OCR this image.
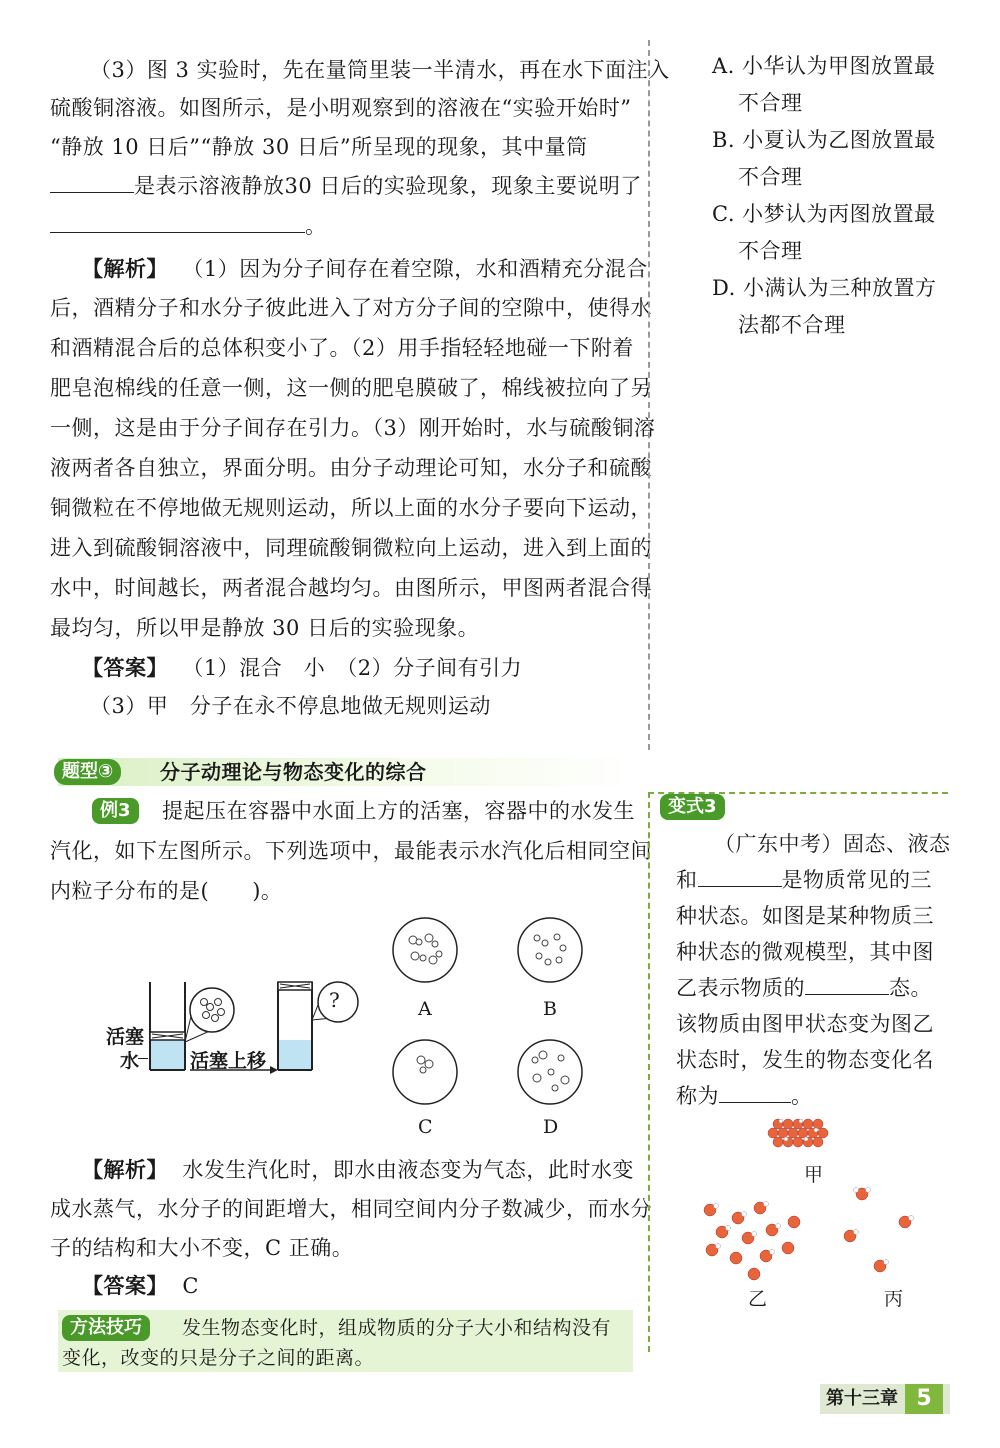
（3）图 3 实验时，先在量筒里装一半清水，再在水下面注入
硫酸铜溶液。如图所示，是小明观察到的溶液在“实验开始时”
“静放 10 日后”“静放 30 日后”所呈现的现象，其中量筒
是表示溶液静放30 日后的实验现象，现象主要说明了
。
【解析】 （1）因为分子间存在着空隙，水和酒精充分混合
后，酒精分子和水分子彼此进入了对方分子间的空隙中，使得水
和酒精混合后的总体积变小了。（2）用手指轻轻地碰一下附着
肥皂泡棉线的任意一侧，这一侧的肥皂膜破了，棉线被拉向了另
一侧，这是由于分子间存在引力。（3）刚开始时，水与硫酸铜溶
液两者各自独立，界面分明。由分子动理论可知，水分子和硫酸
铜微粒在不停地做无规则运动，所以上面的水分子要向下运动，
进入到硫酸铜溶液中，同理硫酸铜微粒向上运动，进入到上面的
水中，时间越长，两者混合越均匀。由图所示，甲图两者混合得
最均匀，所以甲是静放 30 日后的实验现象。
【答案】 （1）混合　小　（2）分子间有引力
（3）甲　分子在永不停息地做无规则运动
A. 小华认为甲图放置最
不合理
B. 小夏认为乙图放置最
不合理
C. 小梦认为丙图放置最
不合理
D. 小满认为三种放置方
法都不合理
题型③	分子动理论与物态变化的综合
例3	提起压在容器中水面上方的活塞，容器中的水发生
汽化，如下左图所示。下列选项中，最能表示水汽化后相同空间
内粒子分布的是(　　)。
?
活塞
水	活塞上移
A	B
C	D
【解析】 水发生汽化时，即水由液态变为气态，此时水变
成水蒸气，水分子的间距增大，相同空间内分子数减少，而水分
子的结构和大小不变，C 正确。
【答案】 C
方法技巧	发生物态变化时，组成物质的分子大小和结构没有
变化，改变的只是分子之间的距离。
变式3
（广东中考）固态、液态
和	是物质常见的三
种状态。如图是某种物质三
种状态的微观模型，其中图
乙表示物质的	态。
该物质由图甲状态变为图乙
状态时，发生的物态变化名
称为	。
甲
乙	丙
第十三章 5
